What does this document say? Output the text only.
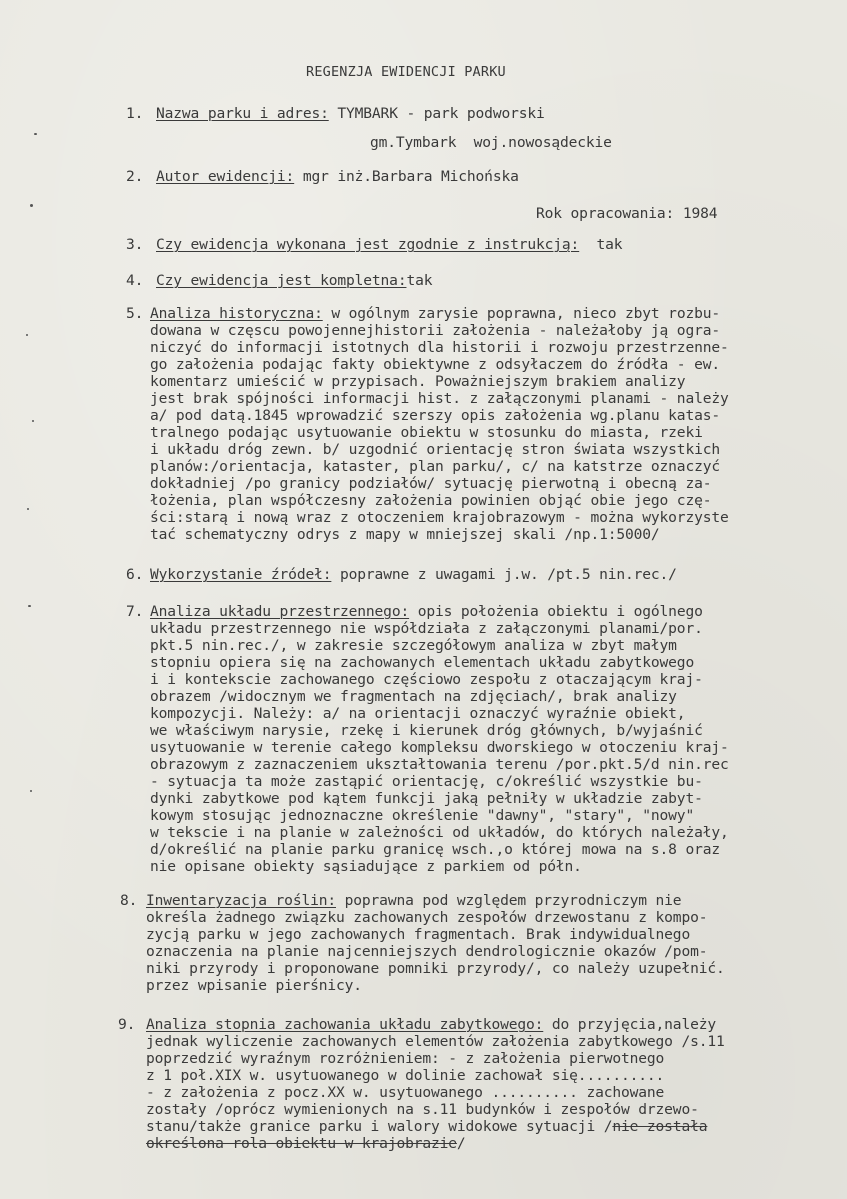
REGENZJA EWIDENCJI PARKU
1. Nazwa parku i adres: TYMBARK - park podworski
gm.Tymbark  woj.nowosądeckie
2. Autor ewidencji: mgr inż.Barbara Michońska
Rok opracowania: 1984
3. Czy ewidencja wykonana jest zgodnie z instrukcją:  tak
4. Czy ewidencja jest kompletna:tak
5. Analiza historyczna: w ogólnym zarysie poprawna, nieco zbyt rozbu-
dowana w częscu powojennejhistorii założenia - należałoby ją ogra-
niczyć do informacji istotnych dla historii i rozwoju przestrzenne-
go założenia podając fakty obiektywne z odsyłaczem do źródła - ew.
komentarz umieścić w przypisach. Poważniejszym brakiem analizy
jest brak spójności informacji hist. z załączonymi planami - należy
a/ pod datą.1845 wprowadzić szerszy opis założenia wg.planu katas-
tralnego podając usytuowanie obiektu w stosunku do miasta, rzeki
i układu dróg zewn. b/ uzgodnić orientację stron świata wszystkich
planów:/orientacja, kataster, plan parku/, c/ na katstrze oznaczyć
dokładniej /po granicy podziałów/ sytuację pierwotną i obecną za-
łożenia, plan współczesny założenia powinien objąć obie jego czę-
ści:starą i nową wraz z otoczeniem krajobrazowym - można wykorzyste
tać schematyczny odrys z mapy w mniejszej skali /np.1:5000/
6. Wykorzystanie źródeł: poprawne z uwagami j.w. /pt.5 nin.rec./
7. Analiza układu przestrzennego: opis położenia obiektu i ogólnego
układu przestrzennego nie współdziała z załączonymi planami/por.
pkt.5 nin.rec./, w zakresie szczegółowym analiza w zbyt małym
stopniu opiera się na zachowanych elementach układu zabytkowego
i i kontekscie zachowanego częściowo zespołu z otaczającym kraj-
obrazem /widocznym we fragmentach na zdjęciach/, brak analizy
kompozycji. Należy: a/ na orientacji oznaczyć wyraźnie obiekt,
we właściwym narysie, rzekę i kierunek dróg głównych, b/wyjaśnić
usytuowanie w terenie całego kompleksu dworskiego w otoczeniu kraj-
obrazowym z zaznaczeniem ukształtowania terenu /por.pkt.5/d nin.rec
- sytuacja ta może zastąpić orientację, c/określić wszystkie bu-
dynki zabytkowe pod kątem funkcji jaką pełniły w układzie zabyt-
kowym stosując jednoznaczne określenie "dawny", "stary", "nowy"
w tekscie i na planie w zależności od układów, do których należały,
d/określić na planie parku granicę wsch.,o której mowa na s.8 oraz
nie opisane obiekty sąsiadujące z parkiem od półn.
8. Inwentaryzacja roślin: poprawna pod względem przyrodniczym nie
określa żadnego związku zachowanych zespołów drzewostanu z kompo-
zycją parku w jego zachowanych fragmentach. Brak indywidualnego
oznaczenia na planie najcenniejszych dendrologicznie okazów /pom-
niki przyrody i proponowane pomniki przyrody/, co należy uzupełnić.
przez wpisanie pierśnicy.
9. Analiza stopnia zachowania układu zabytkowego: do przyjęcia,należy
jednak wyliczenie zachowanych elementów założenia zabytkowego /s.11
poprzedzić wyraźnym rozróżnieniem: - z założenia pierwotnego
z 1 poł.XIX w. usytuowanego w dolinie zachował się..........
- z założenia z pocz.XX w. usytuowanego .......... zachowane
zostały /oprócz wymienionych na s.11 budynków i zespołów drzewo-
stanu/także granice parku i walory widokowe sytuacji /nie została
określona rola obiektu w krajobrazie/
